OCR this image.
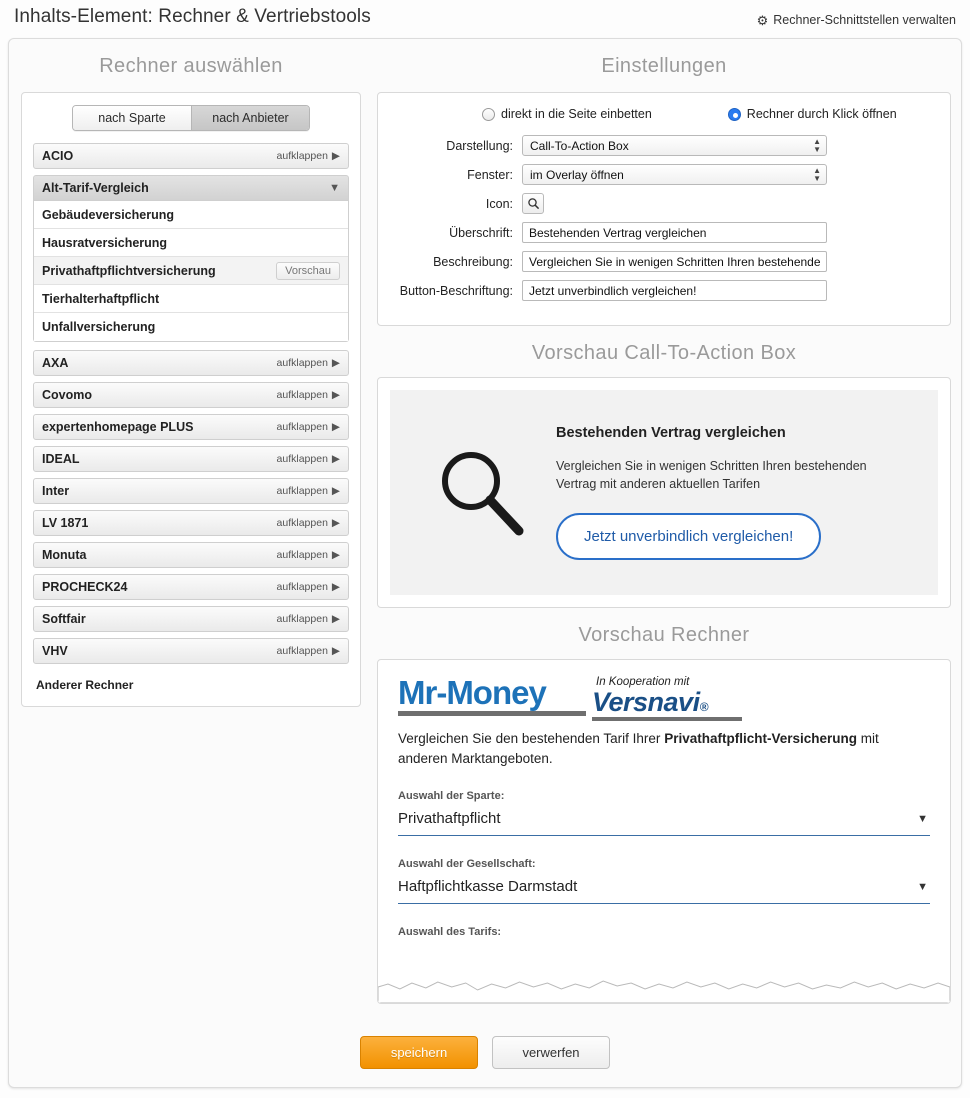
Inhalts-Element: Rechner & Vertriebstools	⚙ Rechner-Schnittstellen verwalten
Rechner auswählen
nach Sparte	nach Anbieter
ACIO	aufklappen ▶
Alt-Tarif-Vergleich	▼
Gebäudeversicherung
Hausratversicherung
Privathaftpflichtversicherung	Vorschau
Tierhalterhaftpflicht
Unfallversicherung
AXA	aufklappen ▶
Covomo	aufklappen ▶
expertenhomepage PLUS	aufklappen ▶
IDEAL	aufklappen ▶
Inter	aufklappen ▶
LV 1871	aufklappen ▶
Monuta	aufklappen ▶
PROCHECK24	aufklappen ▶
Softfair	aufklappen ▶
VHV	aufklappen ▶
Anderer Rechner
Einstellungen
direkt in die Seite einbetten	Rechner durch Klick öffnen
Darstellung:	Call-To-Action Box	▲
▼
Fenster:	im Overlay öffnen	▲
▼
Icon:
Überschrift:
Bestehenden Vertrag vergleichen
Beschreibung:
Vergleichen Sie in wenigen Schritten Ihren bestehenden Vertrag mit anderen aktuellen Tarifen
Button-Beschriftung:
Jetzt unverbindlich vergleichen!
Vorschau Call-To-Action Box
Bestehenden Vertrag vergleichen
Vergleichen Sie in wenigen Schritten Ihren bestehenden Vertrag mit anderen aktuellen Tarifen
Jetzt unverbindlich vergleichen!
Vorschau Rechner
Mr-Money	In Kooperation mit
Versnavi®
Vergleichen Sie den bestehenden Tarif Ihrer Privathaftpflicht-Versicherung mit anderen Marktangeboten.
Auswahl der Sparte:
Privathaftpflicht	▼
Auswahl der Gesellschaft:
Haftpflichtkasse Darmstadt	▼
Auswahl des Tarifs:
speichern	verwerfen
